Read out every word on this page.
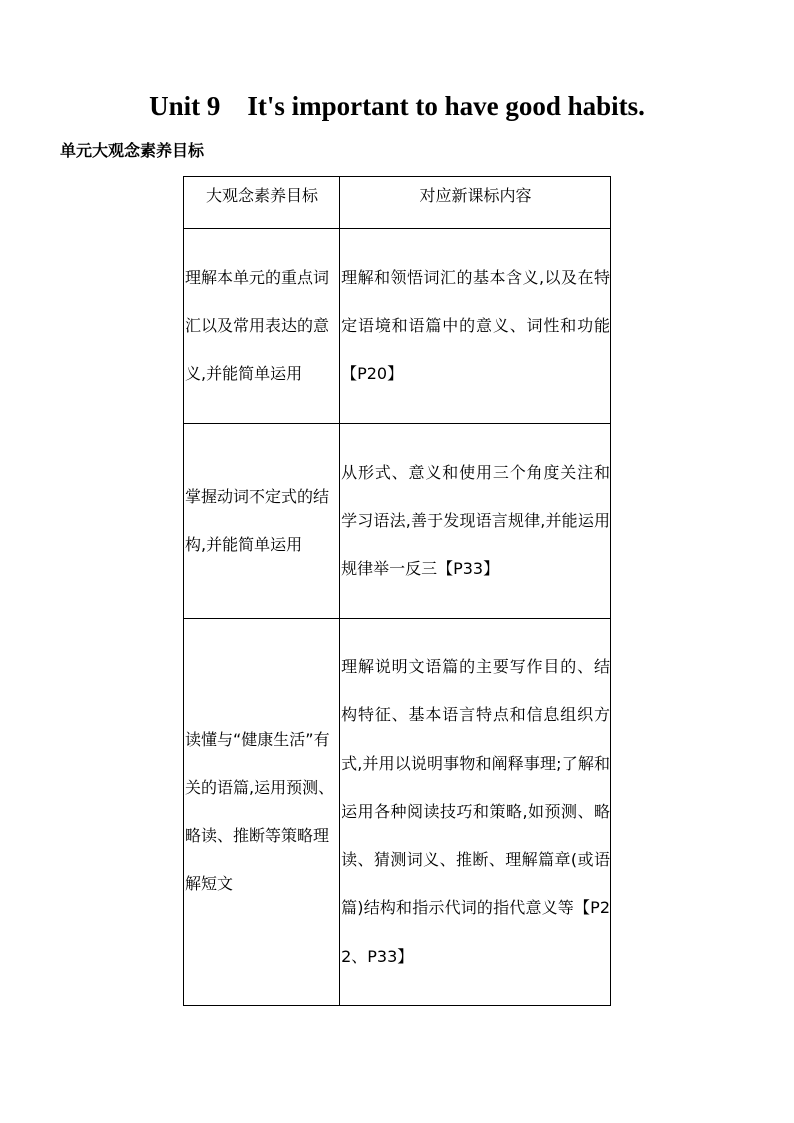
Unit 9    It's important to have good habits.
单元大观念素养目标
大观念素养目标	对应新课标内容

理解本单元的重点词汇以及常用表达的意义,并能简单运用	理解和领悟词汇的基本含义,以及在特定语境和语篇中的意义、词性和功能【P20】

掌握动词不定式的结构,并能简单运用	从形式、意义和使用三个角度关注和学习语法,善于发现语言规律,并能运用规律举一反三【P33】

读懂与“健康生活”有关的语篇,运用预测、略读、推断等策略理解短文	理解说明文语篇的主要写作目的、结构特征、基本语言特点和信息组织方式,并用以说明事物和阐释事理;了解和运用各种阅读技巧和策略,如预测、略读、猜测词义、推断、理解篇章(或语篇)结构和指示代词的指代意义等【P22、P33】
